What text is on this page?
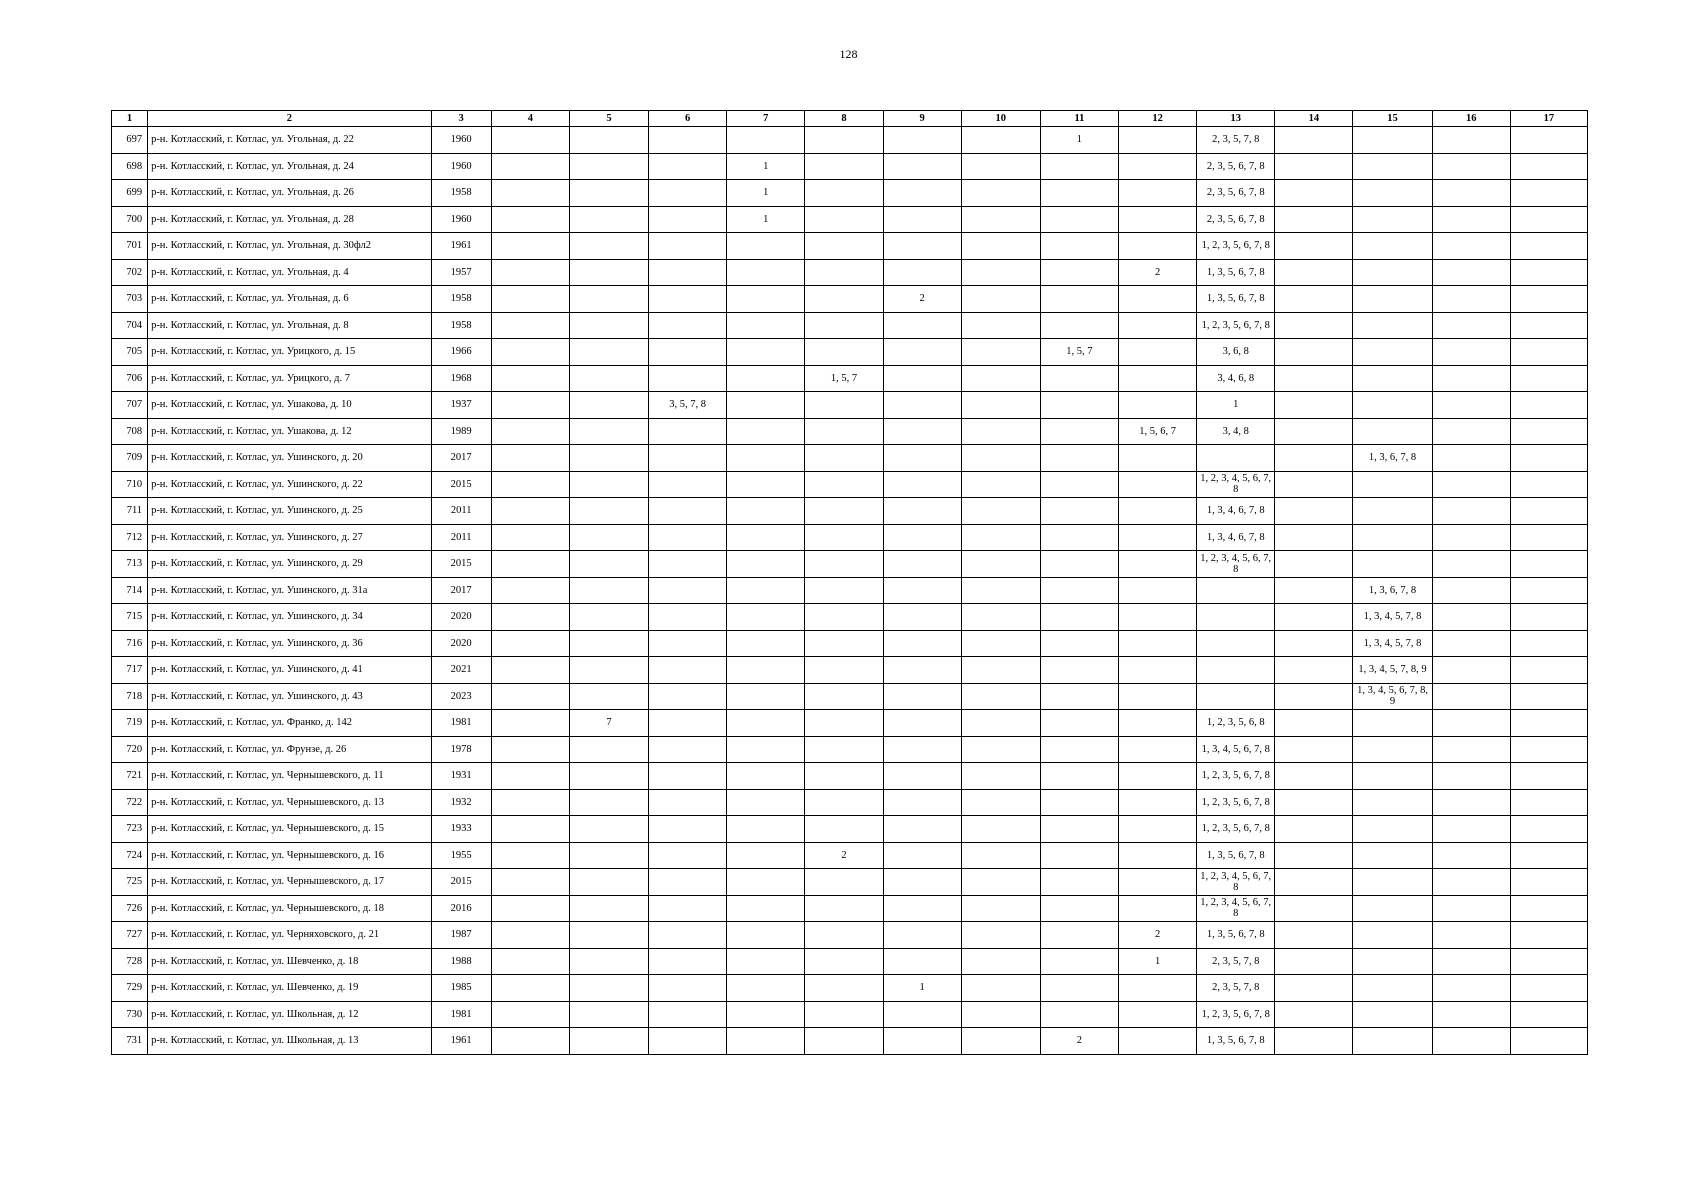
128
1	2	3	4	5	6	7	8	9	10	11	12	13	14	15	16	17
697	р-н. Котласский, г. Котлас, ул. Угольная, д. 22	1960								1		2, 3, 5, 7, 8				
698	р-н. Котласский, г. Котлас, ул. Угольная, д. 24	1960				1						2, 3, 5, 6, 7, 8				
699	р-н. Котласский, г. Котлас, ул. Угольная, д. 26	1958				1						2, 3, 5, 6, 7, 8				
700	р-н. Котласский, г. Котлас, ул. Угольная, д. 28	1960				1						2, 3, 5, 6, 7, 8				
701	р-н. Котласский, г. Котлас, ул. Угольная, д. 30фл2	1961										1, 2, 3, 5, 6, 7, 8				
702	р-н. Котласский, г. Котлас, ул. Угольная, д. 4	1957									2	1, 3, 5, 6, 7, 8				
703	р-н. Котласский, г. Котлас, ул. Угольная, д. 6	1958						2				1, 3, 5, 6, 7, 8				
704	р-н. Котласский, г. Котлас, ул. Угольная, д. 8	1958										1, 2, 3, 5, 6, 7, 8				
705	р-н. Котласский, г. Котлас, ул. Урицкого, д. 15	1966								1, 5, 7		3, 6, 8				
706	р-н. Котласский, г. Котлас, ул. Урицкого, д. 7	1968					1, 5, 7					3, 4, 6, 8				
707	р-н. Котласский, г. Котлас, ул. Ушакова, д. 10	1937			3, 5, 7, 8							1				
708	р-н. Котласский, г. Котлас, ул. Ушакова, д. 12	1989									1, 5, 6, 7	3, 4, 8				
709	р-н. Котласский, г. Котлас, ул. Ушинского, д. 20	2017												1, 3, 6, 7, 8		
710	р-н. Котласский, г. Котлас, ул. Ушинского, д. 22	2015										1, 2, 3, 4, 5, 6, 7, 8				
711	р-н. Котласский, г. Котлас, ул. Ушинского, д. 25	2011										1, 3, 4, 6, 7, 8				
712	р-н. Котласский, г. Котлас, ул. Ушинского, д. 27	2011										1, 3, 4, 6, 7, 8				
713	р-н. Котласский, г. Котлас, ул. Ушинского, д. 29	2015										1, 2, 3, 4, 5, 6, 7, 8				
714	р-н. Котласский, г. Котлас, ул. Ушинского, д. 31а	2017												1, 3, 6, 7, 8		
715	р-н. Котласский, г. Котлас, ул. Ушинского, д. 34	2020												1, 3, 4, 5, 7, 8		
716	р-н. Котласский, г. Котлас, ул. Ушинского, д. 36	2020												1, 3, 4, 5, 7, 8		
717	р-н. Котласский, г. Котлас, ул. Ушинского, д. 41	2021												1, 3, 4, 5, 7, 8, 9		
718	р-н. Котласский, г. Котлас, ул. Ушинского, д. 43	2023												1, 3, 4, 5, 6, 7, 8, 9		
719	р-н. Котласский, г. Котлас, ул. Франко, д. 142	1981		7								1, 2, 3, 5, 6, 8				
720	р-н. Котласский, г. Котлас, ул. Фрунзе, д. 26	1978										1, 3, 4, 5, 6, 7, 8				
721	р-н. Котласский, г. Котлас, ул. Чернышевского, д. 11	1931										1, 2, 3, 5, 6, 7, 8				
722	р-н. Котласский, г. Котлас, ул. Чернышевского, д. 13	1932										1, 2, 3, 5, 6, 7, 8				
723	р-н. Котласский, г. Котлас, ул. Чернышевского, д. 15	1933										1, 2, 3, 5, 6, 7, 8				
724	р-н. Котласский, г. Котлас, ул. Чернышевского, д. 16	1955					2					1, 3, 5, 6, 7, 8				
725	р-н. Котласский, г. Котлас, ул. Чернышевского, д. 17	2015										1, 2, 3, 4, 5, 6, 7, 8				
726	р-н. Котласский, г. Котлас, ул. Чернышевского, д. 18	2016										1, 2, 3, 4, 5, 6, 7, 8				
727	р-н. Котласский, г. Котлас, ул. Черняховского, д. 21	1987									2	1, 3, 5, 6, 7, 8				
728	р-н. Котласский, г. Котлас, ул. Шевченко, д. 18	1988									1	2, 3, 5, 7, 8				
729	р-н. Котласский, г. Котлас, ул. Шевченко, д. 19	1985						1				2, 3, 5, 7, 8				
730	р-н. Котласский, г. Котлас, ул. Школьная, д. 12	1981										1, 2, 3, 5, 6, 7, 8				
731	р-н. Котласский, г. Котлас, ул. Школьная, д. 13	1961								2		1, 3, 5, 6, 7, 8				
